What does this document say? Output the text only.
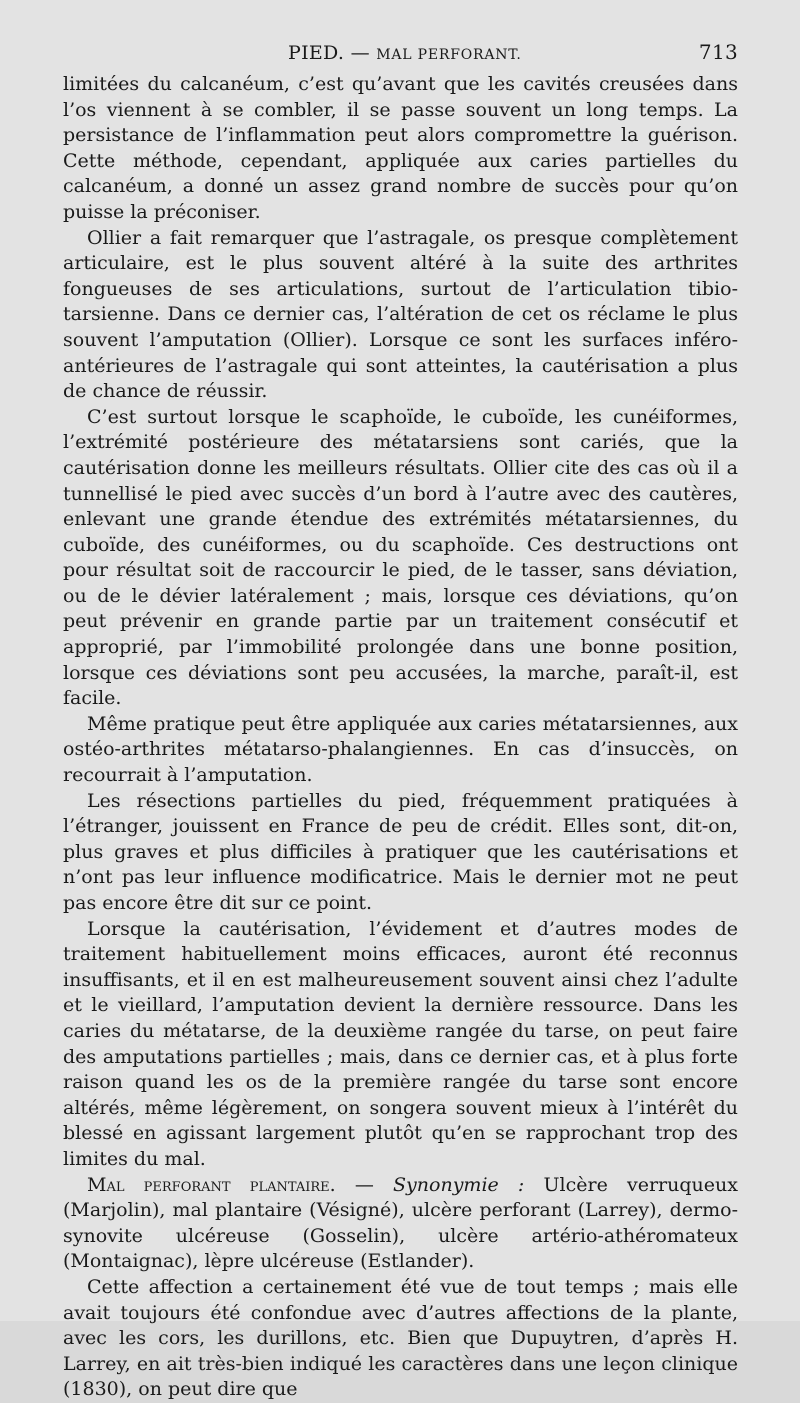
PIED. — MAL PERFORANT.	713

limitées du calcanéum, c’est qu’avant que les cavités creusées dans l’os viennent à se combler, il se passe souvent un long temps. La persistance de l’inflammation peut alors compromettre la guérison. Cette méthode, cependant, appliquée aux caries partielles du calcanéum, a donné un assez grand nombre de succès pour qu’on puisse la préconiser.

Ollier a fait remarquer que l’astragale, os presque complètement articulaire, est le plus souvent altéré à la suite des arthrites fongueuses de ses articulations, surtout de l’articulation tibio-tarsienne. Dans ce dernier cas, l’altération de cet os réclame le plus souvent l’amputation (Ollier). Lorsque ce sont les surfaces inféro-antérieures de l’astragale qui sont atteintes, la cautérisation a plus de chance de réussir.

C’est surtout lorsque le scaphoïde, le cuboïde, les cunéiformes, l’extrémité postérieure des métatarsiens sont cariés, que la cautérisation donne les meilleurs résultats. Ollier cite des cas où il a tunnellisé le pied avec succès d’un bord à l’autre avec des cautères, enlevant une grande étendue des extrémités métatarsiennes, du cuboïde, des cunéiformes, ou du scaphoïde. Ces destructions ont pour résultat soit de raccourcir le pied, de le tasser, sans déviation, ou de le dévier latéralement ; mais, lorsque ces déviations, qu’on peut prévenir en grande partie par un traitement consécutif et approprié, par l’immobilité prolongée dans une bonne position, lorsque ces déviations sont peu accusées, la marche, paraît-il, est facile.

Même pratique peut être appliquée aux caries métatarsiennes, aux ostéo-arthrites métatarso-phalangiennes. En cas d’insuccès, on recourrait à l’amputation.

Les résections partielles du pied, fréquemment pratiquées à l’étranger, jouissent en France de peu de crédit. Elles sont, dit-on, plus graves et plus difficiles à pratiquer que les cautérisations et n’ont pas leur influence modificatrice. Mais le dernier mot ne peut pas encore être dit sur ce point.

Lorsque la cautérisation, l’évidement et d’autres modes de traitement habituellement moins efficaces, auront été reconnus insuffisants, et il en est malheureusement souvent ainsi chez l’adulte et le vieillard, l’amputation devient la dernière ressource. Dans les caries du métatarse, de la deuxième rangée du tarse, on peut faire des amputations partielles ; mais, dans ce dernier cas, et à plus forte raison quand les os de la première rangée du tarse sont encore altérés, même légèrement, on songera souvent mieux à l’intérêt du blessé en agissant largement plutôt qu’en se rapprochant trop des limites du mal.

Mal perforant plantaire. — Synonymie : Ulcère verruqueux (Marjolin), mal plantaire (Vésigné), ulcère perforant (Larrey), dermo-synovite ulcéreuse (Gosselin), ulcère artério-athéromateux (Montaignac), lèpre ulcéreuse (Estlander).

Cette affection a certainement été vue de tout temps ; mais elle avait toujours été confondue avec d’autres affections de la plante, avec les cors, les durillons, etc. Bien que Dupuytren, d’après H. Larrey, en ait très-bien indiqué les caractères dans une leçon clinique (1830), on peut dire que
